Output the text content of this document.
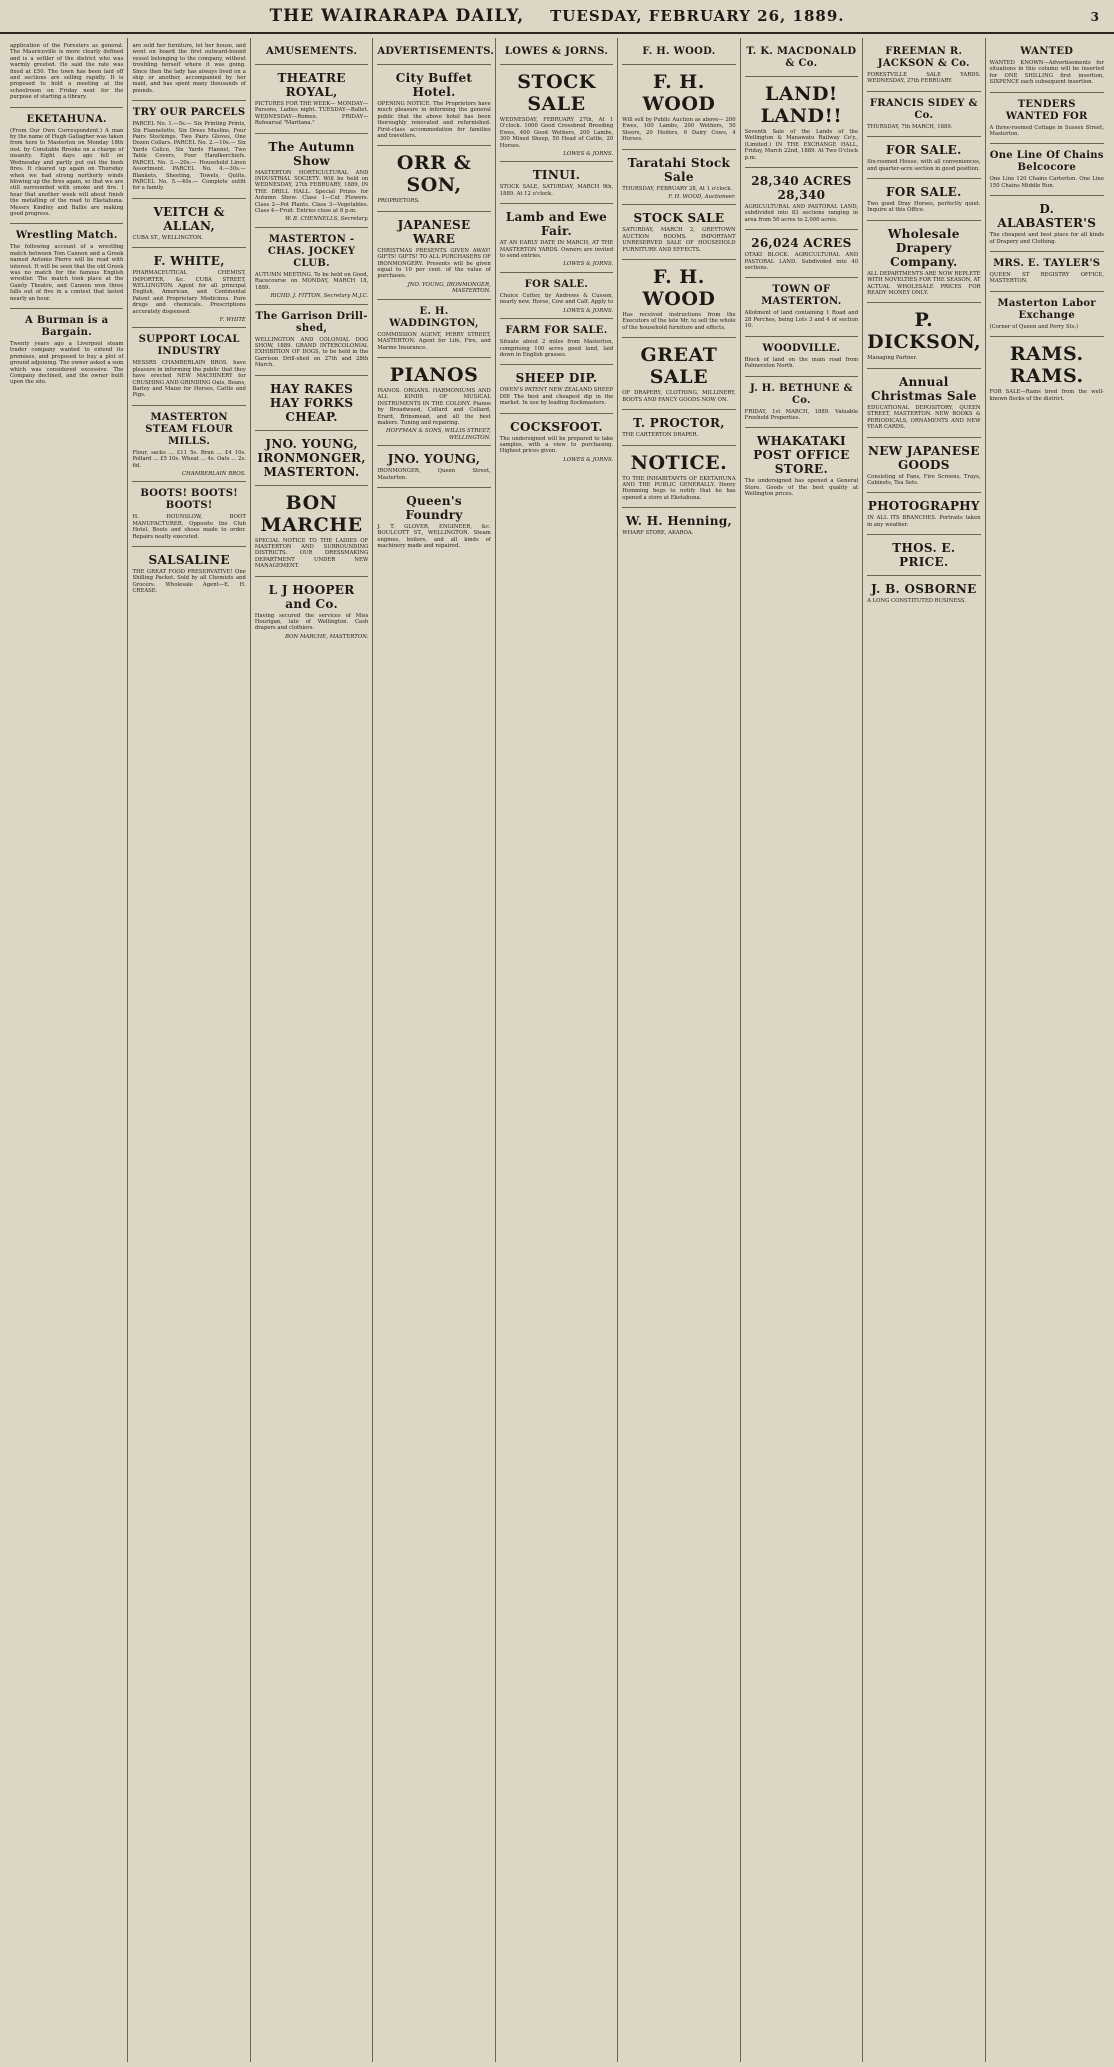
THE WAIRARAPA DAILY, TUESDAY, FEBRUARY 26, 1889.	3
application of the Foresters as general. The Mauriceville is more clearly defined and is a settler of the district who was warmly greeted. He said the rate was fixed at £50. The town has been laid off and sections are selling rapidly. It is proposed to hold a meeting at the schoolroom on Friday next for the purpose of starting a library.
EKETAHUNA.
(From Our Own Correspondent.) A man by the name of Hugh Gallagher was taken from here to Masterton on Monday 18th inst. by Constable Brooke on a charge of insanity. Eight days ago fell on Wednesday and partly put out the bush fires. It cleared up again on Thursday when we had strong northerly winds blowing up the fires again, so that we are still surrounded with smoke and fire. I hear that another week will about finish the metalling of the road to Eketahuna. Messrs Kindley and Ballie are making good progress.
Wrestling Match.
The following account of a wrestling match between Tom Cannon and a Greek named Antonio Pierre will be read with interest. It will be seen that the old Greek was no match for the famous English wrestler. The match took place at the Gaiety Theatre, and Cannon won three falls out of five in a contest that lasted nearly an hour.
A Burman is a Bargain.
Twenty years ago a Liverpool steam trader company wanted to extend its premises, and proposed to buy a plot of ground adjoining. The owner asked a sum which was considered excessive. The Company declined, and the owner built upon the site.
are sold her furniture, let her house, and went on board the first outward-bound vessel belonging to the company, without troubling herself where it was going. Since then the lady has always lived on a ship or another, accompanied by her maid, and has spent many thousands of pounds.
TRY OUR PARCELS
PARCEL No. 1.—5s.— Six Printing Prints, Six Flannelette, Six Dress Muslins, Four Pairs Stockings, Two Pairs Gloves, One Dozen Collars. PARCEL No. 2.—10s.— Six Yards Calico, Six Yards Flannel, Two Table Covers, Four Handkerchiefs. PARCEL No. 3.—20s.— Household Linen Assortment. PARCEL No. 4.—30s.— Blankets, Sheeting, Towels, Quilts. PARCEL No. 5.—40s.— Complete outfit for a family.
VEITCH & ALLAN,
CUBA ST., WELLINGTON.
F. WHITE,
PHARMACEUTICAL CHEMIST, IMPORTER, &c. CUBA STREET, WELLINGTON. Agent for all principal English, American, and Continental Patent and Proprietary Medicines. Pure drugs and chemicals. Prescriptions accurately dispensed.
F. WHITE
SUPPORT LOCAL INDUSTRY
MESSRS CHAMBERLAIN BROS. have pleasure in informing the public that they have erected NEW MACHINERY for CRUSHING AND GRINDING Oats, Beans, Barley and Maize for Horses, Cattle and Pigs.
MASTERTON STEAM FLOUR MILLS.
Flour, sacks ... £11 5s. Bran ... £4 10s. Pollard ... £5 10s. Wheat ... 4s. Oats ... 2s. 6d.
CHAMBERLAIN BROS.
BOOTS! BOOTS! BOOTS!
H. HOUNSLOW, BOOT MANUFACTURER, Opposite the Club Hotel. Boots and shoes made to order. Repairs neatly executed.
SALSALINE
THE GREAT FOOD PRESERVATIVE! One Shilling Packet. Sold by all Chemists and Grocers. Wholesale Agent—E. H. CREASE.
AMUSEMENTS.
THEATRE ROYAL,
PICTURES FOR THE WEEK— MONDAY—Parsons, Ladies night. TUESDAY—Ballet. WEDNESDAY—Romeo. FRIDAY—Rehearsal "Maritana."
The Autumn Show
MASTERTON HORTICULTURAL AND INDUSTRIAL SOCIETY. Will be held on WEDNESDAY, 27th FEBRUARY, 1889, IN THE DRILL HALL. Special Prizes for Autumn Show. Class 1—Cut Flowers. Class 2—Pot Plants. Class 3—Vegetables. Class 4—Fruit. Entries close at 8 p.m.
W. B. CHENNELLS, Secretary.
MASTERTON - CHAS. JOCKEY CLUB.
AUTUMN MEETING. To be held on Good, Racecourse on MONDAY, MARCH 18, 1889.
RICHD. J. FITTON, Secretary M.J.C.
The Garrison Drill-shed,
WELLINGTON AND COLONIAL DOG SHOW, 1889. GRAND INTERCOLONIAL EXHIBITION OF DOGS, to be held in the Garrison Drill-shed on 27th and 28th March.
HAY RAKES HAY FORKS CHEAP.
JNO. YOUNG, IRONMONGER, MASTERTON.
BON MARCHE
SPECIAL NOTICE TO THE LADIES OF MASTERTON AND SURROUNDING DISTRICTS. OUR DRESSMAKING DEPARTMENT UNDER NEW MANAGEMENT.
L J HOOPER and Co.
Having secured the services of Miss Hourigan, late of Wellington. Cash drapers and clothiers.
BON MARCHE, MASTERTON.
ADVERTISEMENTS.
City Buffet Hotel.
OPENING NOTICE. The Proprietors have much pleasure in informing the general public that the above hotel has been thoroughly renovated and refurnished. First-class accommodation for families and travellers.
ORR & SON,
PROPRIETORS.
JAPANESE WARE
CHRISTMAS PRESENTS GIVEN AWAY! GIFTS! GIFTS! TO ALL PURCHASERS OF IRONMONGERY. Presents will be given equal to 10 per cent. of the value of purchases.
JNO. YOUNG, IRONMONGER, MASTERTON.
E. H. WADDINGTON,
COMMISSION AGENT, PERRY STREET, MASTERTON. Agent for Life, Fire, and Marine Insurance.
PIANOS
PIANOS. ORGANS. HARMONIUMS AND ALL KINDS OF MUSICAL INSTRUMENTS IN THE COLONY. Pianos by Broadwood, Collard and Collard, Erard, Brinsmead, and all the best makers. Tuning and repairing.
HOFFMAN & SONS, WILLIS STREET, WELLINGTON.
JNO. YOUNG,
IRONMONGER, Queen Street, Masterton.
Queen's Foundry
J. T. GLOVER, ENGINEER, &c. BOULCOTT ST., WELLINGTON. Steam engines, boilers, and all kinds of machinery made and repaired.
LOWES & JORNS.
STOCK SALE
WEDNESDAY, FEBRUARY 27th, At 1 O'clock. 1000 Good Crossbred Breeding Ewes, 400 Good Wethers, 200 Lambs, 300 Mixed Sheep, 50 Head of Cattle, 20 Horses.
LOWES & JORNS.
TINUI.
STOCK SALE, SATURDAY, MARCH 9th, 1889. At 12 o'clock.
Lamb and Ewe Fair.
AT AN EARLY DATE IN MARCH, AT THE MASTERTON YARDS. Owners are invited to send entries.
LOWES & JORNS.
FOR SALE.
Choice Cutter, by Andrews & Cusson, nearly new. Horse, Cow and Calf. Apply to
LOWES & JORNS.
FARM FOR SALE.
Situate about 2 miles from Masterton, comprising 100 acres good land, laid down in English grasses.
SHEEP DIP.
OWEN'S PATENT NEW ZEALAND SHEEP DIP. The best and cheapest dip in the market. In use by leading flockmasters.
COCKSFOOT.
The undersigned will be prepared to take samples, with a view to purchasing. Highest prices given.
LOWES & JORNS.
F. H. WOOD.
F. H. WOOD
Will sell by Public Auction as above— 200 Ewes, 100 Lambs, 200 Wethers, 50 Steers, 20 Heifers, 6 Dairy Cows, 4 Horses.
Taratahi Stock Sale
THURSDAY, FEBRUARY 28, At 1 o'clock.
F. H. WOOD, Auctioneer.
STOCK SALE
SATURDAY, MARCH 2, GREYTOWN AUCTION ROOMS. IMPORTANT UNRESERVED SALE OF HOUSEHOLD FURNITURE AND EFFECTS.
F. H. WOOD
Has received instructions from the Executors of the late Mr. to sell the whole of the household furniture and effects.
GREAT SALE
OF DRAPERY, CLOTHING, MILLINERY, BOOTS AND FANCY GOODS NOW ON.
T. PROCTOR,
THE CARTERTON DRAPER.
NOTICE.
TO THE INHABITANTS OF EKETAHUNA AND THE PUBLIC GENERALLY. Henry Hemming begs to notify that he has opened a store at Eketahuna.
W. H. Henning,
WHARF STORE, AKAROA.
T. K. MACDONALD & Co.
LAND! LAND!!
Seventh Sale of the Lands of the Wellington & Manawatu Railway Co'y., (Limited.) IN THE EXCHANGE HALL, Friday, March 22nd, 1889. At Two O'clock p.m.
28,340 ACRES 28,340
AGRICULTURAL AND PASTORAL LAND, subdivided into 83 sections ranging in area from 50 acres to 2,000 acres.
26,024 ACRES
OTAKI BLOCK. AGRICULTURAL AND PASTORAL LAND. Subdivided into 40 sections.
TOWN OF MASTERTON.
Allotment of land containing 1 Road and 28 Perches, being Lots 3 and 4 of section 10.
WOODVILLE.
Block of land on the main road from Palmerston North.
J. H. BETHUNE & Co.
FRIDAY, 1st MARCH, 1889. Valuable Freehold Properties.
WHAKATAKI POST OFFICE STORE.
The undersigned has opened a General Store. Goods of the best quality at Wellington prices.
FREEMAN R. JACKSON & Co.
FORESTVILLE SALE YARDS. WEDNESDAY, 27th FEBRUARY.
FRANCIS SIDEY & Co.
THURSDAY, 7th MARCH, 1889.
FOR SALE.
Six-roomed House, with all conveniences, and quarter-acre section in good position.
FOR SALE.
Two good Dray Horses, perfectly quiet. Inquire at this Office.
Wholesale Drapery Company.
ALL DEPARTMENTS ARE NOW REPLETE WITH NOVELTIES FOR THE SEASON, AT ACTUAL WHOLESALE PRICES FOR READY MONEY ONLY.
P. DICKSON,
Managing Partner.
Annual Christmas Sale
EDUCATIONAL DEPOSITORY, QUEEN STREET, MASTERTON. NEW BOOKS & PERIODICALS, ORNAMENTS AND NEW YEAR CARDS.
NEW JAPANESE GOODS
Consisting of Fans, Fire Screens, Trays, Cabinets, Tea Sets.
PHOTOGRAPHY
IN ALL ITS BRANCHES. Portraits taken in any weather.
THOS. E. PRICE.
J. B. OSBORNE
A LONG CONSTITUTED BUSINESS.
WANTED
WANTED KNOWN—Advertisements for situations in this column will be inserted for ONE SHILLING first insertion, SIXPENCE each subsequent insertion.
TENDERS WANTED FOR
A three-roomed Cottage in Sussex Street, Masterton.
One Line Of Chains Belcocore
One Line 120 Chains Carterton. One Line 150 Chains Middle Run.
D. ALABASTER'S
The cheapest and best place for all kinds of Drapery and Clothing.
MRS. E. TAYLER'S
QUEEN ST REGISTRY OFFICE, MASTERTON.
Masterton Labor Exchange
(Corner of Queen and Perry Sts.)
RAMS. RAMS.
FOR SALE—Rams bred from the well-known flocks of the district.
